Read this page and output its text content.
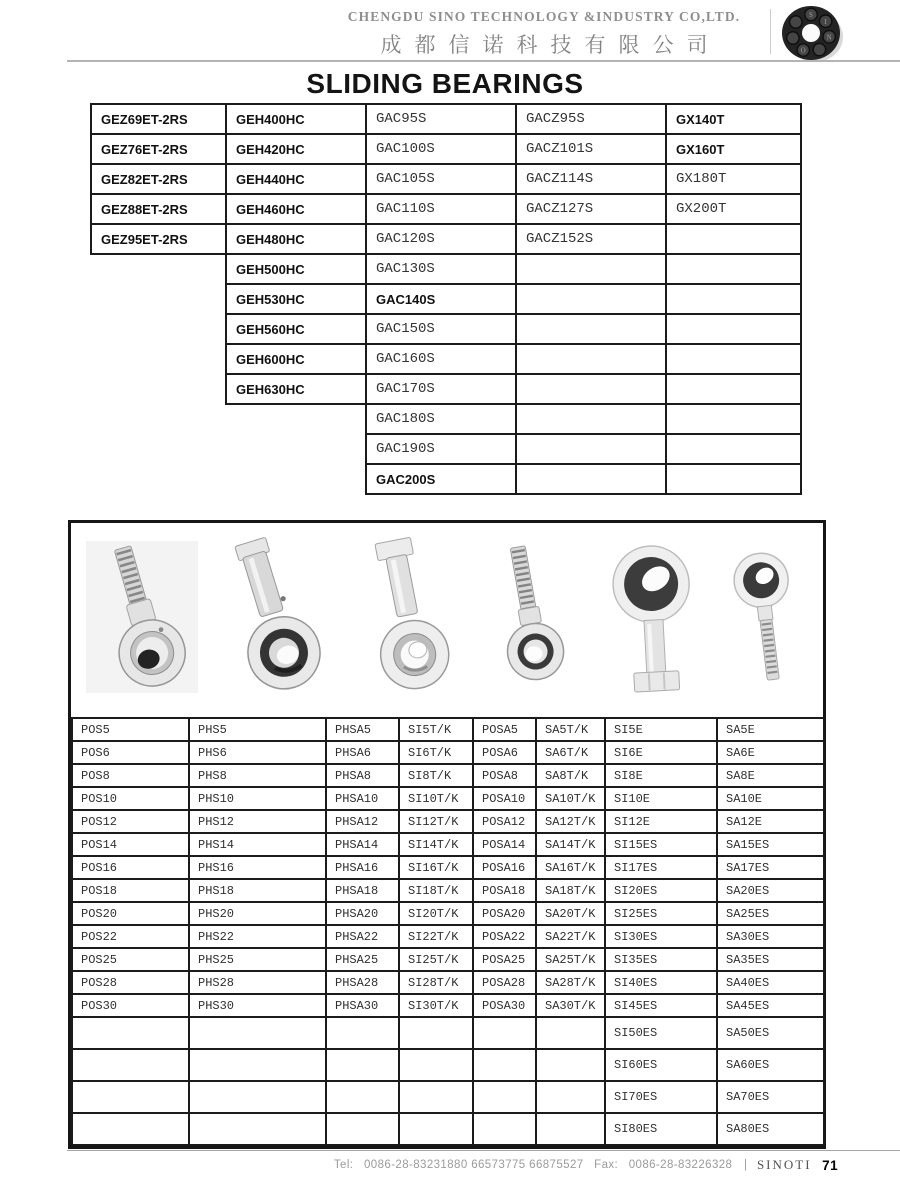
CHENGDU SINO TECHNOLOGY &INDUSTRY CO,LTD.
成都信诺科技有限公司
S
I
N
O
SLIDING BEARINGS
GEZ69ET-2RS	GEH400HC	GAC95S	GACZ95S	GX140T
GEZ76ET-2RS	GEH420HC	GAC100S	GACZ101S	GX160T
GEZ82ET-2RS	GEH440HC	GAC105S	GACZ114S	GX180T
GEZ88ET-2RS	GEH460HC	GAC110S	GACZ127S	GX200T
GEZ95ET-2RS	GEH480HC	GAC120S	GACZ152S	
	GEH500HC	GAC130S		
	GEH530HC	GAC140S		
	GEH560HC	GAC150S		
	GEH600HC	GAC160S		
	GEH630HC	GAC170S		
		GAC180S		
		GAC190S		
		GAC200S		
POS5	PHS5	PHSA5	SI5T/K	POSA5	SA5T/K	SI5E	SA5E
POS6	PHS6	PHSA6	SI6T/K	POSA6	SA6T/K	SI6E	SA6E
POS8	PHS8	PHSA8	SI8T/K	POSA8	SA8T/K	SI8E	SA8E
POS10	PHS10	PHSA10	SI10T/K	POSA10	SA10T/K	SI10E	SA10E
POS12	PHS12	PHSA12	SI12T/K	POSA12	SA12T/K	SI12E	SA12E
POS14	PHS14	PHSA14	SI14T/K	POSA14	SA14T/K	SI15ES	SA15ES
POS16	PHS16	PHSA16	SI16T/K	POSA16	SA16T/K	SI17ES	SA17ES
POS18	PHS18	PHSA18	SI18T/K	POSA18	SA18T/K	SI20ES	SA20ES
POS20	PHS20	PHSA20	SI20T/K	POSA20	SA20T/K	SI25ES	SA25ES
POS22	PHS22	PHSA22	SI22T/K	POSA22	SA22T/K	SI30ES	SA30ES
POS25	PHS25	PHSA25	SI25T/K	POSA25	SA25T/K	SI35ES	SA35ES
POS28	PHS28	PHSA28	SI28T/K	POSA28	SA28T/K	SI40ES	SA40ES
POS30	PHS30	PHSA30	SI30T/K	POSA30	SA30T/K	SI45ES	SA45ES
						SI50ES	SA50ES
						SI60ES	SA60ES
						SI70ES	SA70ES
						SI80ES	SA80ES
Tel: 0086-28-83231880 66573775 66875527 Fax: 0086-28-83226328 | SINOTI 71
